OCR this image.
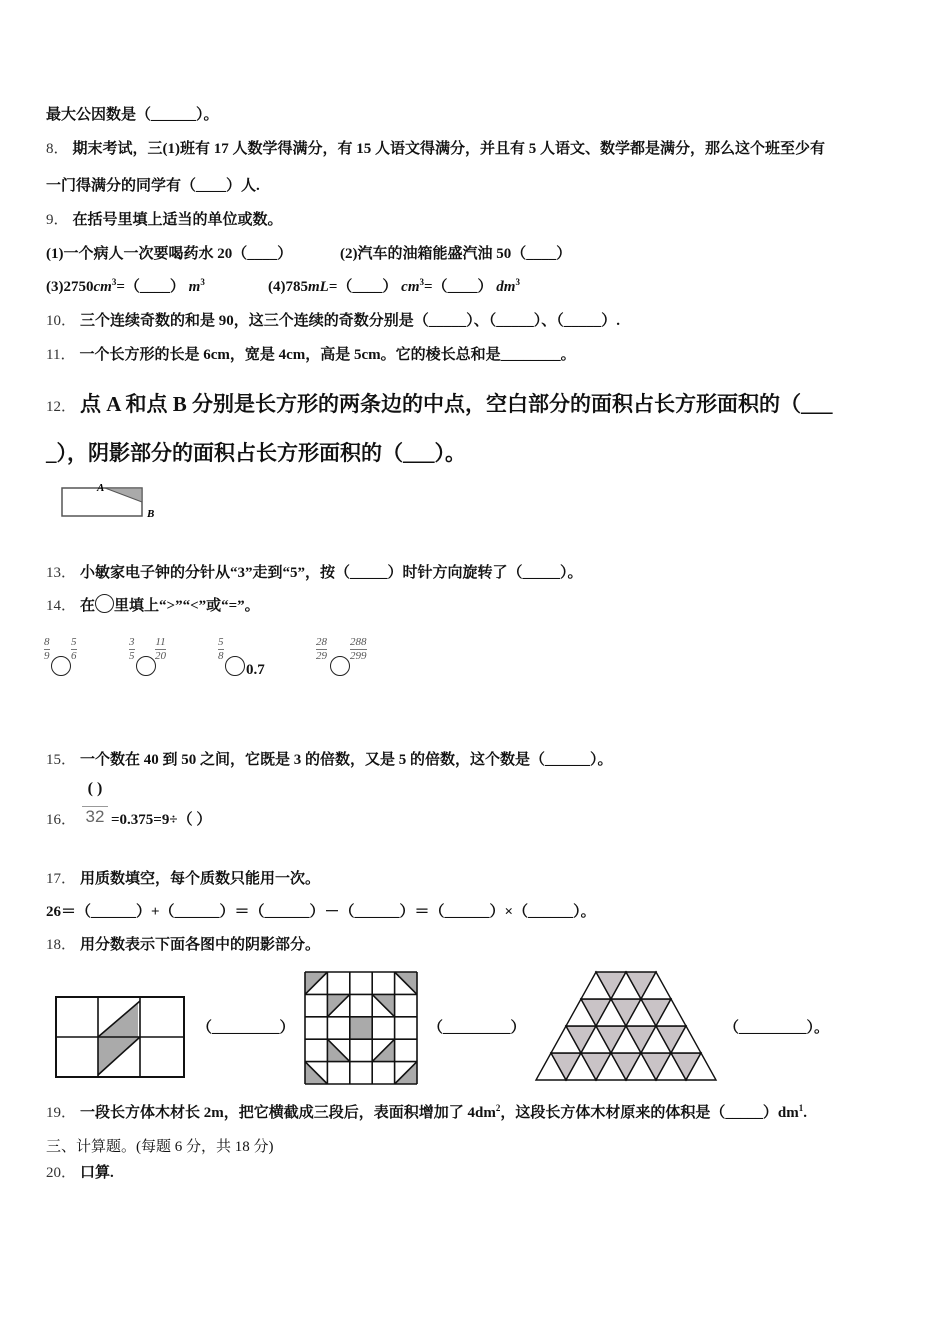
最大公因数是（______）。
8． 期末考试，三(1)班有 17 人数学得满分，有 15 人语文得满分，并且有 5 人语文、数学都是满分，那么这个班至少有
一门得满分的同学有（____）人.
9． 在括号里填上适当的单位或数。
(1)一个病人一次要喝药水 20（____）	(2)汽车的油箱能盛汽油 50（____）
$(3)2750cm^3=(\_\_\_\_)$ $m^3$	(4)785mL=（____） $cm^3=(\_\_\_\_)$ $dm^3$
10． 三个连续奇数的和是 90，这三个连续的奇数分别是（_____）、（_____）、（_____）.
11． 一个长方形的长是 6cm，宽是 4cm，高是 5cm。它的棱长总和是________。
12． 点 A 和点 B 分别是长方形的两条边的中点，空白部分的面积占长方形面积的（___
_），阴影部分的面积占长方形面积的（___）。
A
B
13． 小敏家电子钟的分针从“3”走到“5”，按（_____）时针方向旋转了（_____）。
14． 在 里填上“>”“<”或“=”。
$\frac{8}{9} \frac{5}{6}$	$\frac{3}{5} \frac{11}{20}$	$\frac{5}{8}$
0.7
$\frac{28}{29} \frac{288}{299}$
15． 一个数在 40 到 50 之间，它既是 3 的倍数，又是 5 的倍数，这个数是（______）。
16．
( )
32 =0.375=9÷（ ）
17． 用质数填空，每个质数只能用一次。
26＝（______）+（______）＝（______）－（______）＝（______）×（______）。
18． 用分数表示下面各图中的阴影部分。
（_________）	（_________）	（_________）。
19． 一段长方体木材长 2m，把它横截成三段后，表面积增加了 $4dm^2$，这段长方体木材原来的体积是$(\_\_\_\_\_)dm^1$.
三、计算题。(每题 6 分，共 18 分)
20． 口算.
